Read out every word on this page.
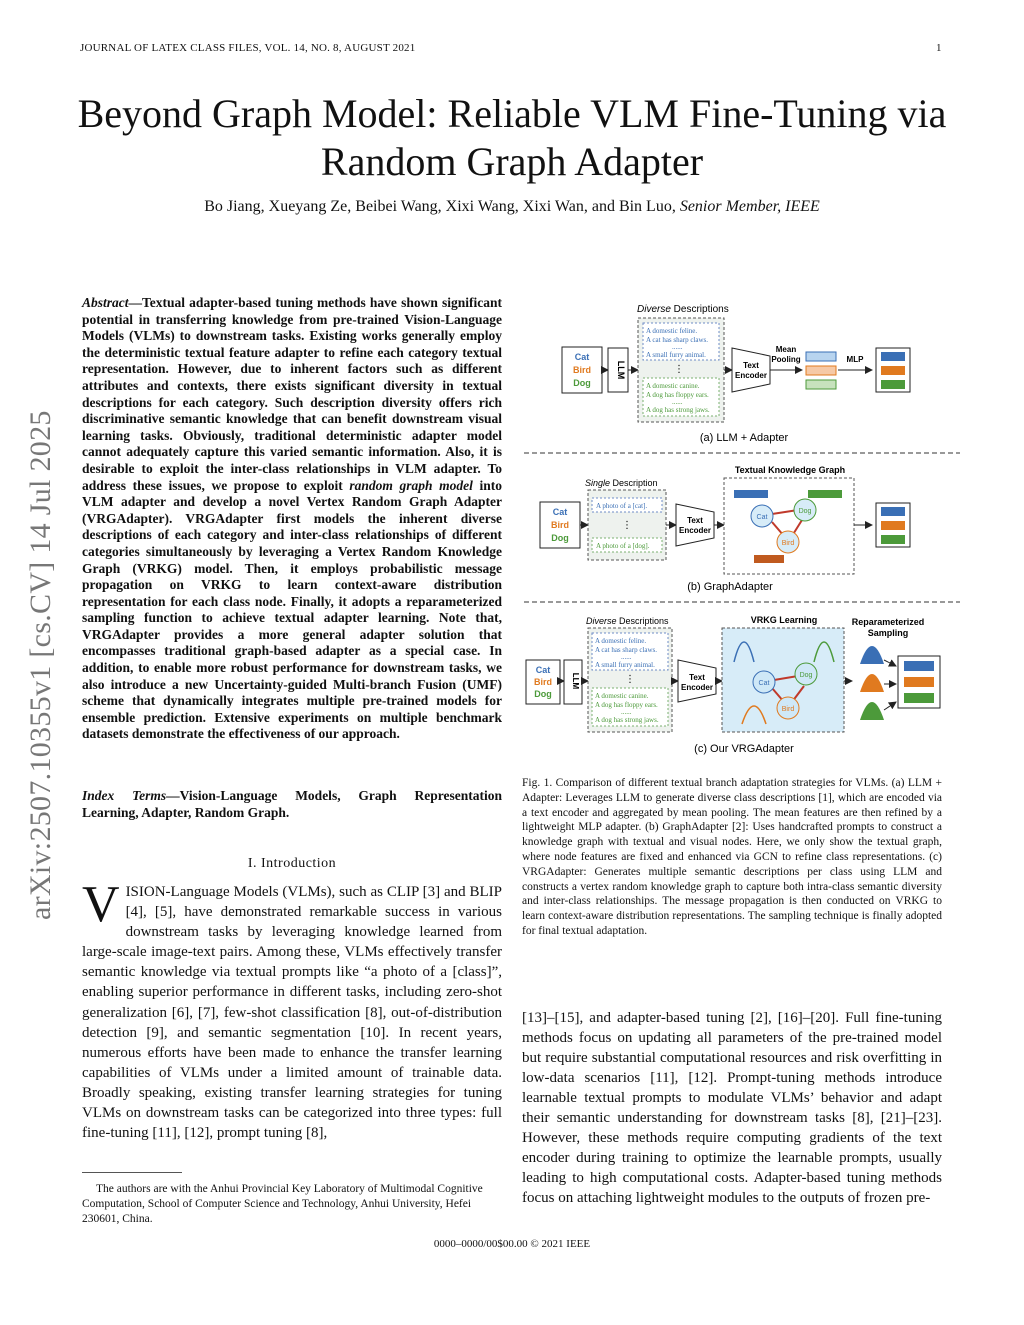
JOURNAL OF LATEX CLASS FILES, VOL. 14, NO. 8, AUGUST 2021	1
Beyond Graph Model: Reliable VLM Fine-Tuning via Random Graph Adapter
Bo Jiang, Xueyang Ze, Beibei Wang, Xixi Wang, Xixi Wan, and Bin Luo, Senior Member, IEEE
arXiv:2507.10355v1 [cs.CV] 14 Jul 2025
Abstract—Textual adapter-based tuning methods have shown significant potential in transferring knowledge from pre-trained Vision-Language Models (VLMs) to downstream tasks. Existing works generally employ the deterministic textual feature adapter to refine each category textual representation. However, due to inherent factors such as different attributes and contexts, there exists significant diversity in textual descriptions for each category. Such description diversity offers rich discriminative semantic knowledge that can benefit downstream visual learning tasks. Obviously, traditional deterministic adapter model cannot adequately capture this varied semantic information. Also, it is desirable to exploit the inter-class relationships in VLM adapter. To address these issues, we propose to exploit random graph model into VLM adapter and develop a novel Vertex Random Graph Adapter (VRGAdapter). VRGAdapter first models the inherent diverse descriptions of each category and inter-class relationships of different categories simultaneously by leveraging a Vertex Random Knowledge Graph (VRKG) model. Then, it employs probabilistic message propagation on VRKG to learn context-aware distribution representation for each class node. Finally, it adopts a reparameterized sampling function to achieve textual adapter learning. Note that, VRGAdapter provides a more general adapter solution that encompasses traditional graph-based adapter as a special case. In addition, to enable more robust performance for downstream tasks, we also introduce a new Uncertainty-guided Multi-branch Fusion (UMF) scheme that dynamically integrates multiple pre-trained models for ensemble prediction. Extensive experiments on multiple benchmark datasets demonstrate the effectiveness of our approach.
Index Terms—Vision-Language Models, Graph Representation Learning, Adapter, Random Graph.
I. Introduction
VISION-Language Models (VLMs), such as CLIP [3] and BLIP [4], [5], have demonstrated remarkable success in various downstream tasks by leveraging knowledge learned from large-scale image-text pairs. Among these, VLMs effectively transfer semantic knowledge via textual prompts like “a photo of a [class]”, enabling superior performance in different tasks, including zero-shot generalization [6], [7], few-shot classification [8], out-of-distribution detection [9], and semantic segmentation [10]. In recent years, numerous efforts have been made to enhance the transfer learning capabilities of VLMs under a limited amount of trainable data. Broadly speaking, existing transfer learning strategies for tuning VLMs on downstream tasks can be categorized into three types: full fine-tuning [11], [12], prompt tuning [8],
The authors are with the Anhui Provincial Key Laboratory of Multimodal Cognitive Computation, School of Computer Science and Technology, Anhui University, Hefei 230601, China.
Diverse Descriptions
Cat
Bird
Dog
LLM
A domestic feline.
A cat has sharp claws.
......
A small furry animal.
⋮
A domestic canine.
A dog has floppy ears.
......
A dog has strong jaws.
Text
Encoder
Mean
Pooling	MLP
(a) LLM + Adapter
Single Description
Cat
Bird
Dog
A photo of a [cat].
⋮
A photo of a [dog].
Text
Encoder
Textual Knowledge Graph
Cat
Dog
Bird
(b) GraphAdapter
Diverse Descriptions
Cat
Bird
Dog
LLM
A domestic feline.
A cat has sharp claws.
......
A small furry animal.
⋮
A domestic canine.
A dog has floppy ears.
......
A dog has strong jaws.
Text
Encoder
VRKG Learning
Cat
Dog
Bird
Reparameterized
Sampling
(c) Our VRGAdapter
Fig. 1. Comparison of different textual branch adaptation strategies for VLMs. (a) LLM + Adapter: Leverages LLM to generate diverse class descriptions [1], which are encoded via a text encoder and aggregated by mean pooling. The mean features are then refined by a lightweight MLP adapter. (b) GraphAdapter [2]: Uses handcrafted prompts to construct a knowledge graph with textual and visual nodes. Here, we only show the textual graph, where node features are fixed and enhanced via GCN to refine class representations. (c) VRGAdapter: Generates multiple semantic descriptions per class using LLM and constructs a vertex random knowledge graph to capture both intra-class semantic diversity and inter-class relationships. The message propagation is then conducted on VRKG to learn context-aware distribution representations. The sampling technique is finally adopted for final textual adaptation.
[13]–[15], and adapter-based tuning [2], [16]–[20]. Full fine-tuning methods focus on updating all parameters of the pre-trained model but require substantial computational resources and risk overfitting in low-data scenarios [11], [12]. Prompt-tuning methods introduce learnable textual prompts to modulate VLMs’ behavior and adapt their semantic understanding for downstream tasks [8], [21]–[23]. However, these methods require computing gradients of the text encoder during training to optimize the learnable prompts, usually leading to high computational costs. Adapter-based tuning methods focus on attaching lightweight modules to the outputs of frozen pre-
0000–0000/00$00.00 © 2021 IEEE
